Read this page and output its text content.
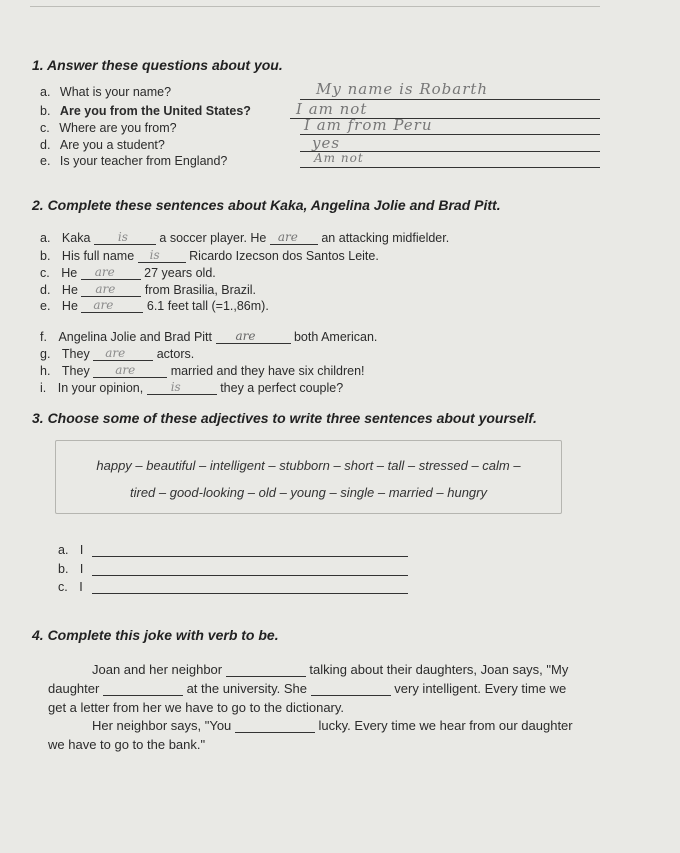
1. Answer these questions about you.
a. What is your name?	My name is Robarth
b. Are you from the United States?	I am not
c. Where are you from?	I am from Peru
d. Are you a student?	yes
e. Is your teacher from England?	Am not
2. Complete these sentences about Kaka, Angelina Jolie and Brad Pitt.
a. Kaka is	a soccer player. He are an attacking midfielder.
b. His full name is Ricardo Izecson dos Santos Leite.
c. He are 27 years old.
d. He are from Brasilia, Brazil.
e. He are	6.1 feet tall (=1.,86m).
f. Angelina Jolie and Brad Pitt are	both American.
g. They are	actors.
h. They are	married and they have six children!
i. In your opinion, is	they a perfect couple?
3. Choose some of these adjectives to write three sentences about yourself.
happy – beautiful – intelligent – stubborn – short – tall – stressed – calm –
tired – good-looking – old – young – single – married – hungry
a. I
b. I
c. I
4. Complete this joke with verb to be.
Joan and her neighbor	talking about their daughters, Joan says, "My
daughter	at the university. She	very intelligent. Every time we
get a letter from her we have to go to the dictionary.
Her neighbor says, "You	lucky. Every time we hear from our daughter
we have to go to the bank."
